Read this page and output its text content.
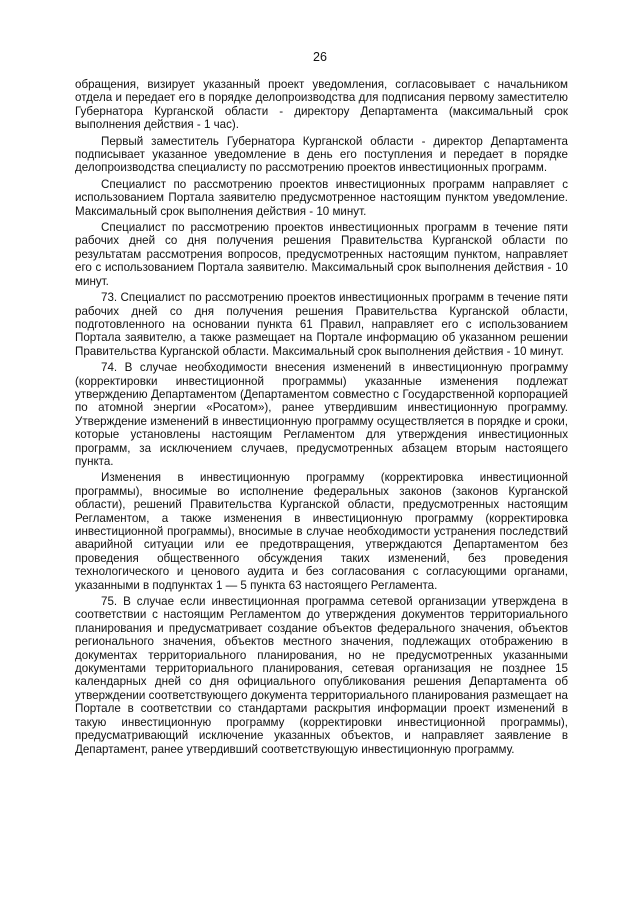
26

обращения, визирует указанный проект уведомления, согласовывает с начальником отдела и передает его в порядке делопроизводства для подписания первому заместителю Губернатора Курганской области - директору Департамента (максимальный срок выполнения действия - 1 час).

Первый заместитель Губернатора Курганской области - директор Департамента подписывает указанное уведомление в день его поступления и передает в порядке делопроизводства специалисту по рассмотрению проектов инвестиционных программ.

Специалист по рассмотрению проектов инвестиционных программ направляет с использованием Портала заявителю предусмотренное настоящим пунктом уведомление. Максимальный срок выполнения действия - 10 минут.

Специалист по рассмотрению проектов инвестиционных программ в течение пяти рабочих дней со дня получения решения Правительства Курганской области по результатам рассмотрения вопросов, предусмотренных настоящим пунктом, направляет его с использованием Портала заявителю. Максимальный срок выполнения действия - 10 минут.

73. Специалист по рассмотрению проектов инвестиционных программ в течение пяти рабочих дней со дня получения решения Правительства Курганской области, подготовленного на основании пункта 61 Правил, направляет его с использованием Портала заявителю, а также размещает на Портале информацию об указанном решении Правительства Курганской области. Максимальный срок выполнения действия - 10 минут.

74. В случае необходимости внесения изменений в инвестиционную программу (корректировки инвестиционной программы) указанные изменения подлежат утверждению Департаментом (Департаментом совместно с Государственной корпорацией по атомной энергии «Росатом»), ранее утвердившим инвестиционную программу. Утверждение изменений в инвестиционную программу осуществляется в порядке и сроки, которые установлены настоящим Регламентом для утверждения инвестиционных программ, за исключением случаев, предусмотренных абзацем вторым настоящего пункта.

Изменения в инвестиционную программу (корректировка инвестиционной программы), вносимые во исполнение федеральных законов (законов Курганской области), решений Правительства Курганской области, предусмотренных настоящим Регламентом, а также изменения в инвестиционную программу (корректировка инвестиционной программы), вносимые в случае необходимости устранения последствий аварийной ситуации или ее предотвращения, утверждаются Департаментом без проведения общественного обсуждения таких изменений, без проведения технологического и ценового аудита и без согласования с согласующими органами, указанными в подпунктах 1 — 5 пункта 63 настоящего Регламента.

75. В случае если инвестиционная программа сетевой организации утверждена в соответствии с настоящим Регламентом до утверждения документов территориального планирования и предусматривает создание объектов федерального значения, объектов регионального значения, объектов местного значения, подлежащих отображению в документах территориального планирования, но не предусмотренных указанными документами территориального планирования, сетевая организация не позднее 15 календарных дней со дня официального опубликования решения Департамента об утверждении соответствующего документа территориального планирования размещает на Портале в соответствии со стандартами раскрытия информации проект изменений в такую инвестиционную программу (корректировки инвестиционной программы), предусматривающий исключение указанных объектов, и направляет заявление в Департамент, ранее утвердивший соответствующую инвестиционную программу.
